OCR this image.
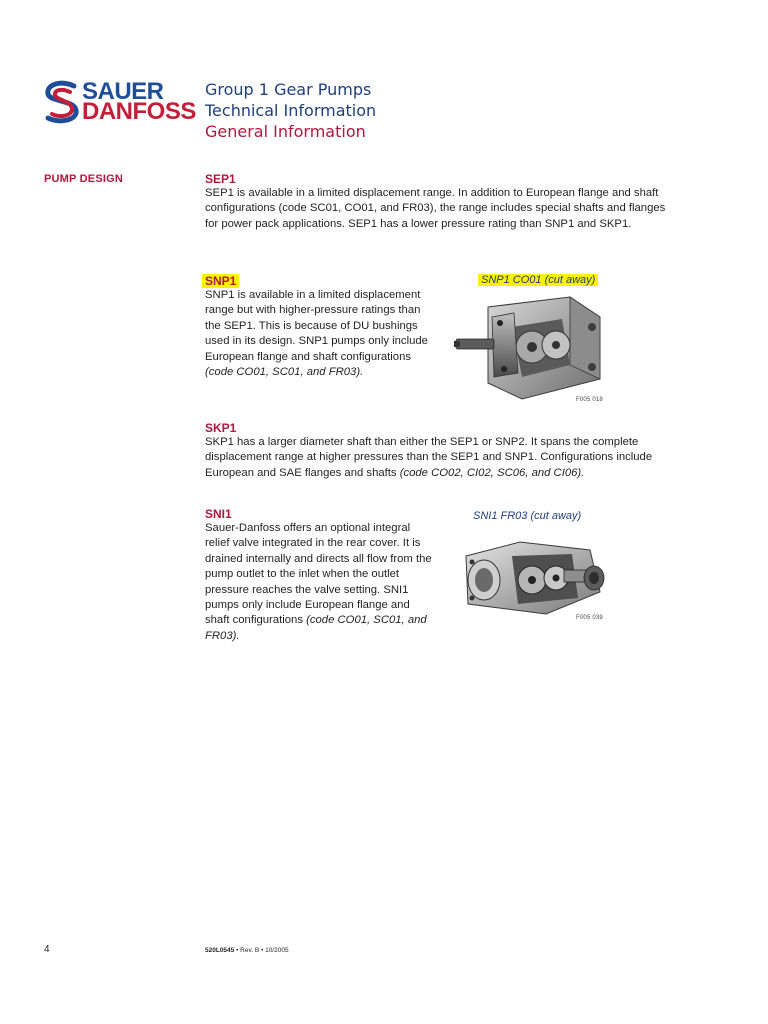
SAUER
DANFOSS
Group 1 Gear Pumps
Technical Information
General Information
PUMP DESIGN	SEP1
SEP1 is available in a limited displacement range. In addition to European flange and shaft configurations (code SC01, CO01, and FR03), the range includes special shafts and flanges for power pack applications. SEP1 has a lower pressure rating than SNP1 and SKP1.
SNP1
SNP1 is available in a limited displacement range but with higher-pressure ratings than the SEP1. This is because of DU bushings used in its design. SNP1 pumps only include European flange and shaft configurations (code CO01, SC01, and FR03).
SNP1 CO01 (cut away)
F005 018
SKP1
SKP1 has a larger diameter shaft than either the SEP1 or SNP2. It spans the complete displacement range at higher pressures than the SEP1 and SNP1. Configurations include European and SAE flanges and shafts (code CO02, CI02, SC06, and CI06).
SNI1
Sauer-Danfoss offers an optional integral relief valve integrated in the rear cover. It is drained internally and directs all flow from the pump outlet to the inlet when the outlet pressure reaches the valve setting. SNI1 pumps only include European flange and shaft configurations (code CO01, SC01, and FR03).
SNI1 FR03 (cut away)
F005 039
4	520L0545 • Rev. B • 10/2005
